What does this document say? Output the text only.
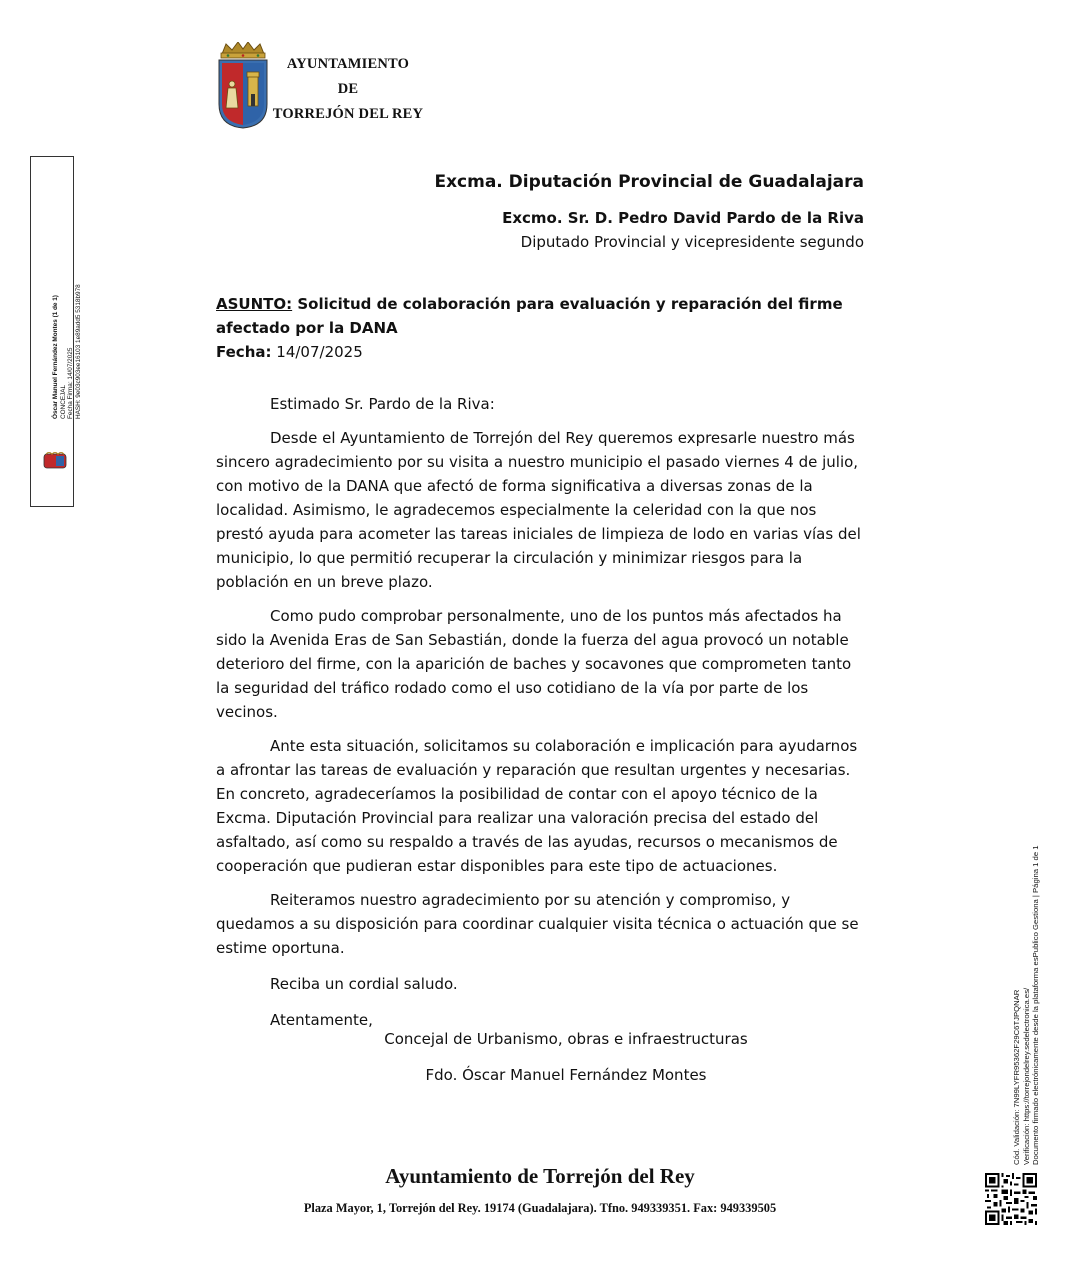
AYUNTAMIENTO
DE
TORREJÓN DEL REY
Óscar Manuel Fernández Montes (1 de 1) CONCEJAL Fecha Firma: 14/07/2025 HASH: 9e03c903ee16103 1e89add5 5318b978
Excma. Diputación Provincial de Guadalajara
Excmo. Sr. D. Pedro David Pardo de la Riva
Diputado Provincial y vicepresidente segundo

ASUNTO: Solicitud de colaboración para evaluación y reparación del firme afectado por la DANA

Fecha: 14/07/2025

Estimado Sr. Pardo de la Riva:

Desde el Ayuntamiento de Torrejón del Rey queremos expresarle nuestro más sincero agradecimiento por su visita a nuestro municipio el pasado viernes 4 de julio, con motivo de la DANA que afectó de forma significativa a diversas zonas de la localidad. Asimismo, le agradecemos especialmente la celeridad con la que nos prestó ayuda para acometer las tareas iniciales de limpieza de lodo en varias vías del municipio, lo que permitió recuperar la circulación y minimizar riesgos para la población en un breve plazo.

Como pudo comprobar personalmente, uno de los puntos más afectados ha sido la Avenida Eras de San Sebastián, donde la fuerza del agua provocó un notable deterioro del firme, con la aparición de baches y socavones que comprometen tanto la seguridad del tráfico rodado como el uso cotidiano de la vía por parte de los vecinos.

Ante esta situación, solicitamos su colaboración e implicación para ayudarnos a afrontar las tareas de evaluación y reparación que resultan urgentes y necesarias. En concreto, agradeceríamos la posibilidad de contar con el apoyo técnico de la Excma. Diputación Provincial para realizar una valoración precisa del estado del asfaltado, así como su respaldo a través de las ayudas, recursos o mecanismos de cooperación que pudieran estar disponibles para este tipo de actuaciones.

Reiteramos nuestro agradecimiento por su atención y compromiso, y quedamos a su disposición para coordinar cualquier visita técnica o actuación que se estime oportuna.

Reciba un cordial saludo.

Atentamente,

Concejal de Urbanismo, obras e infraestructuras
Fdo. Óscar Manuel Fernández Montes	Cód. Validación: 7N99LYFR95362F29C6TJPQNAR Verificación: https://torrejondelrey.sedelectronica.es/ Documento firmado electrónicamente desde la plataforma esPublico Gestiona | Página 1 de 1
Ayuntamiento de Torrejón del Rey
Plaza Mayor, 1, Torrejón del Rey. 19174 (Guadalajara). Tfno. 949339351. Fax: 949339505
